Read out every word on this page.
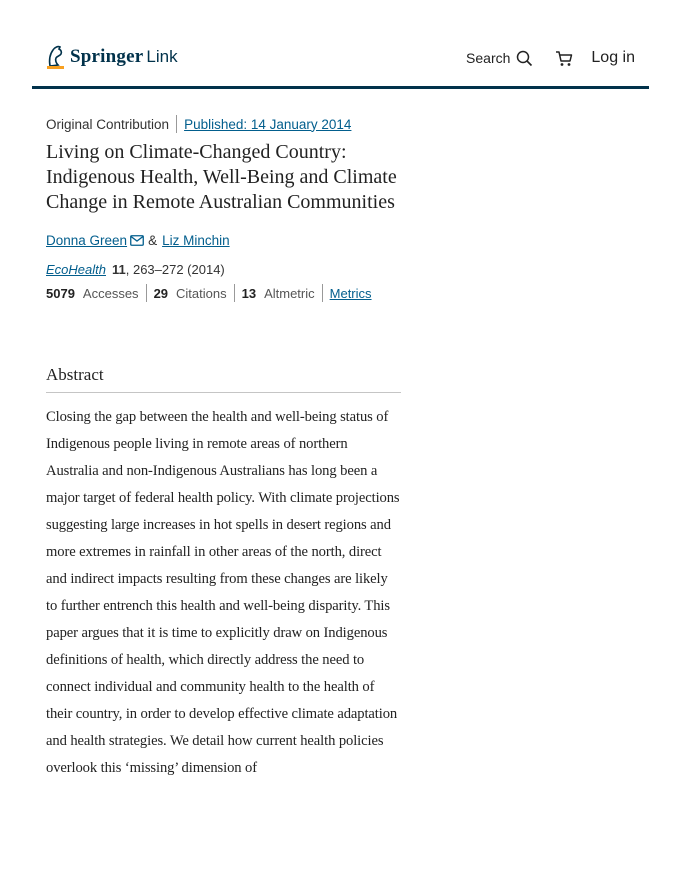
Springer Link	Search	Log in
Original Contribution Published: 14 January 2014
Living on Climate-Changed Country: Indigenous Health, Well-Being and Climate Change in Remote Australian Communities
Donna Green & Liz Minchin
EcoHealth 11, 263–272 (2014)
5079 Accesses 29 Citations 13 Altmetric Metrics
Abstract

Closing the gap between the health and well-being status of Indigenous people living in remote areas of northern Australia and non-Indigenous Australians has long been a major target of federal health policy. With climate projections suggesting large increases in hot spells in desert regions and more extremes in rainfall in other areas of the north, direct and indirect impacts resulting from these changes are likely to further entrench this health and well-being disparity. This paper argues that it is time to explicitly draw on Indigenous definitions of health, which directly address the need to connect individual and community health to the health of their country, in order to develop effective climate adaptation and health strategies. We detail how current health policies overlook this ‘missing’ dimension of
